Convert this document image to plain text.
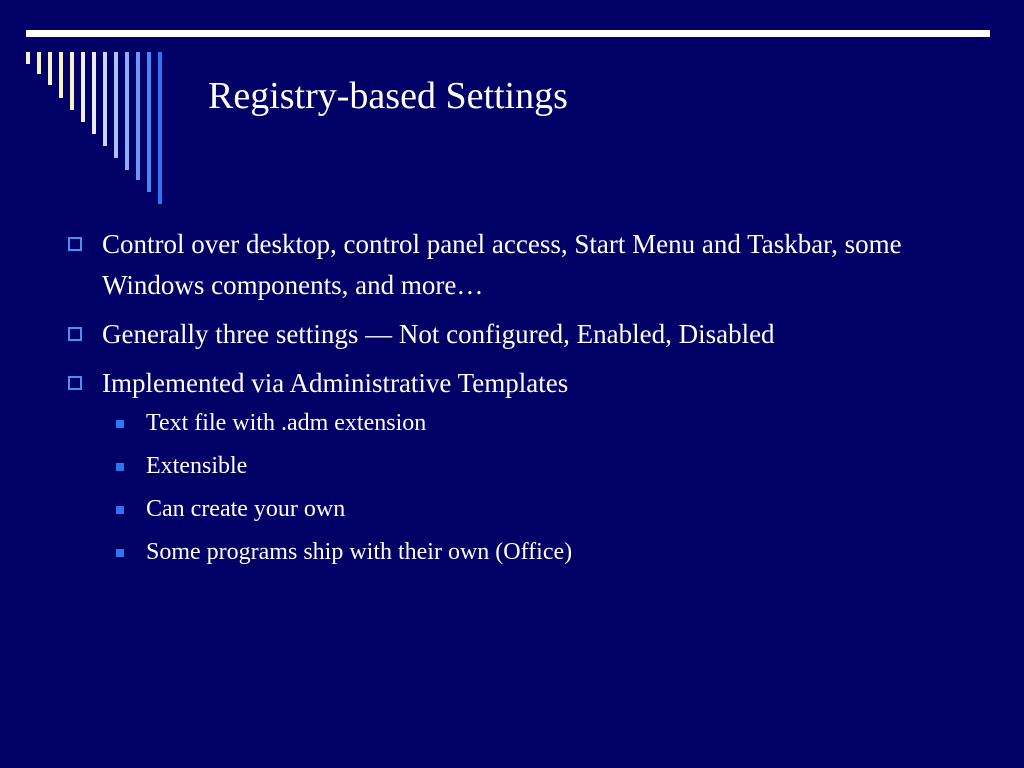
Registry-based Settings
Control over desktop, control panel access, Start Menu and Taskbar, some Windows components, and more…
Generally three settings — Not configured, Enabled, Disabled
Implemented via Administrative Templates
Text file with .adm extension
Extensible
Can create your own
Some programs ship with their own (Office)
